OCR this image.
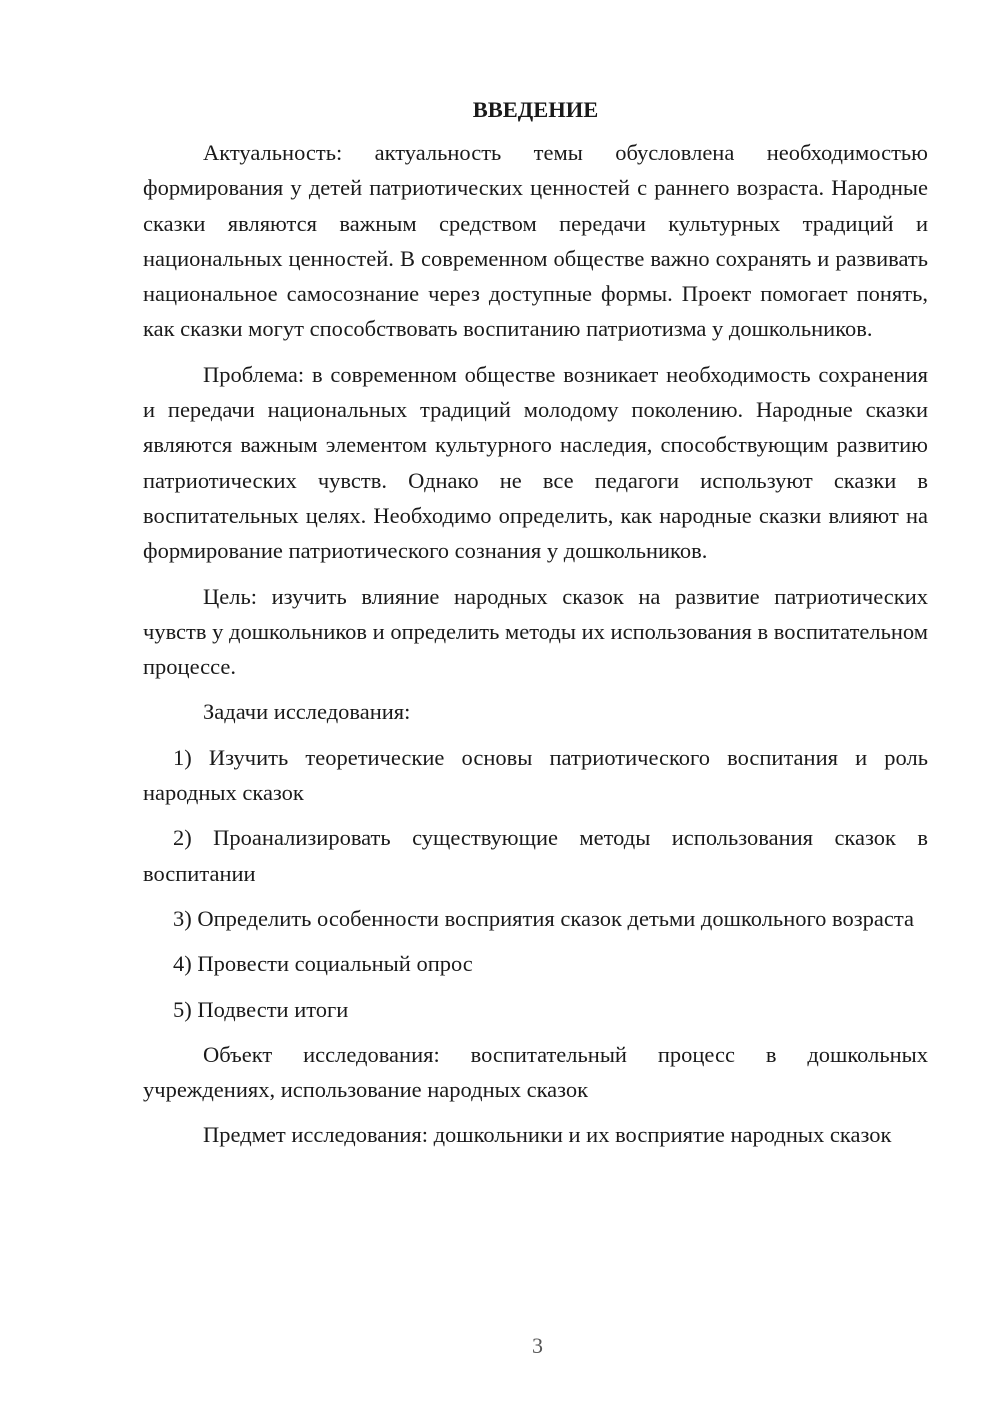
ВВЕДЕНИЕ

Актуальность: актуальность темы обусловлена необходимостью формирования у детей патриотических ценностей с раннего возраста. Народные сказки являются важным средством передачи культурных традиций и национальных ценностей. В современном обществе важно сохранять и развивать национальное самосознание через доступные формы. Проект помогает понять, как сказки могут способствовать воспитанию патриотизма у дошкольников.

Проблема: в современном обществе возникает необходимость сохранения и передачи национальных традиций молодому поколению. Народные сказки являются важным элементом культурного наследия, способствующим развитию патриотических чувств. Однако не все педагоги используют сказки в воспитательных целях. Необходимо определить, как народные сказки влияют на формирование патриотического сознания у дошкольников.

Цель: изучить влияние народных сказок на развитие патриотических чувств у дошкольников и определить методы их использования в воспитательном процессе.

Задачи исследования:

1) Изучить теоретические основы патриотического воспитания и роль народных сказок

2) Проанализировать существующие методы использования сказок в воспитании

3) Определить особенности восприятия сказок детьми дошкольного возраста

4) Провести социальный опрос

5) Подвести итоги

Объект исследования: воспитательный процесс в дошкольных учреждениях, использование народных сказок

Предмет исследования: дошкольники и их восприятие народных сказок

3
